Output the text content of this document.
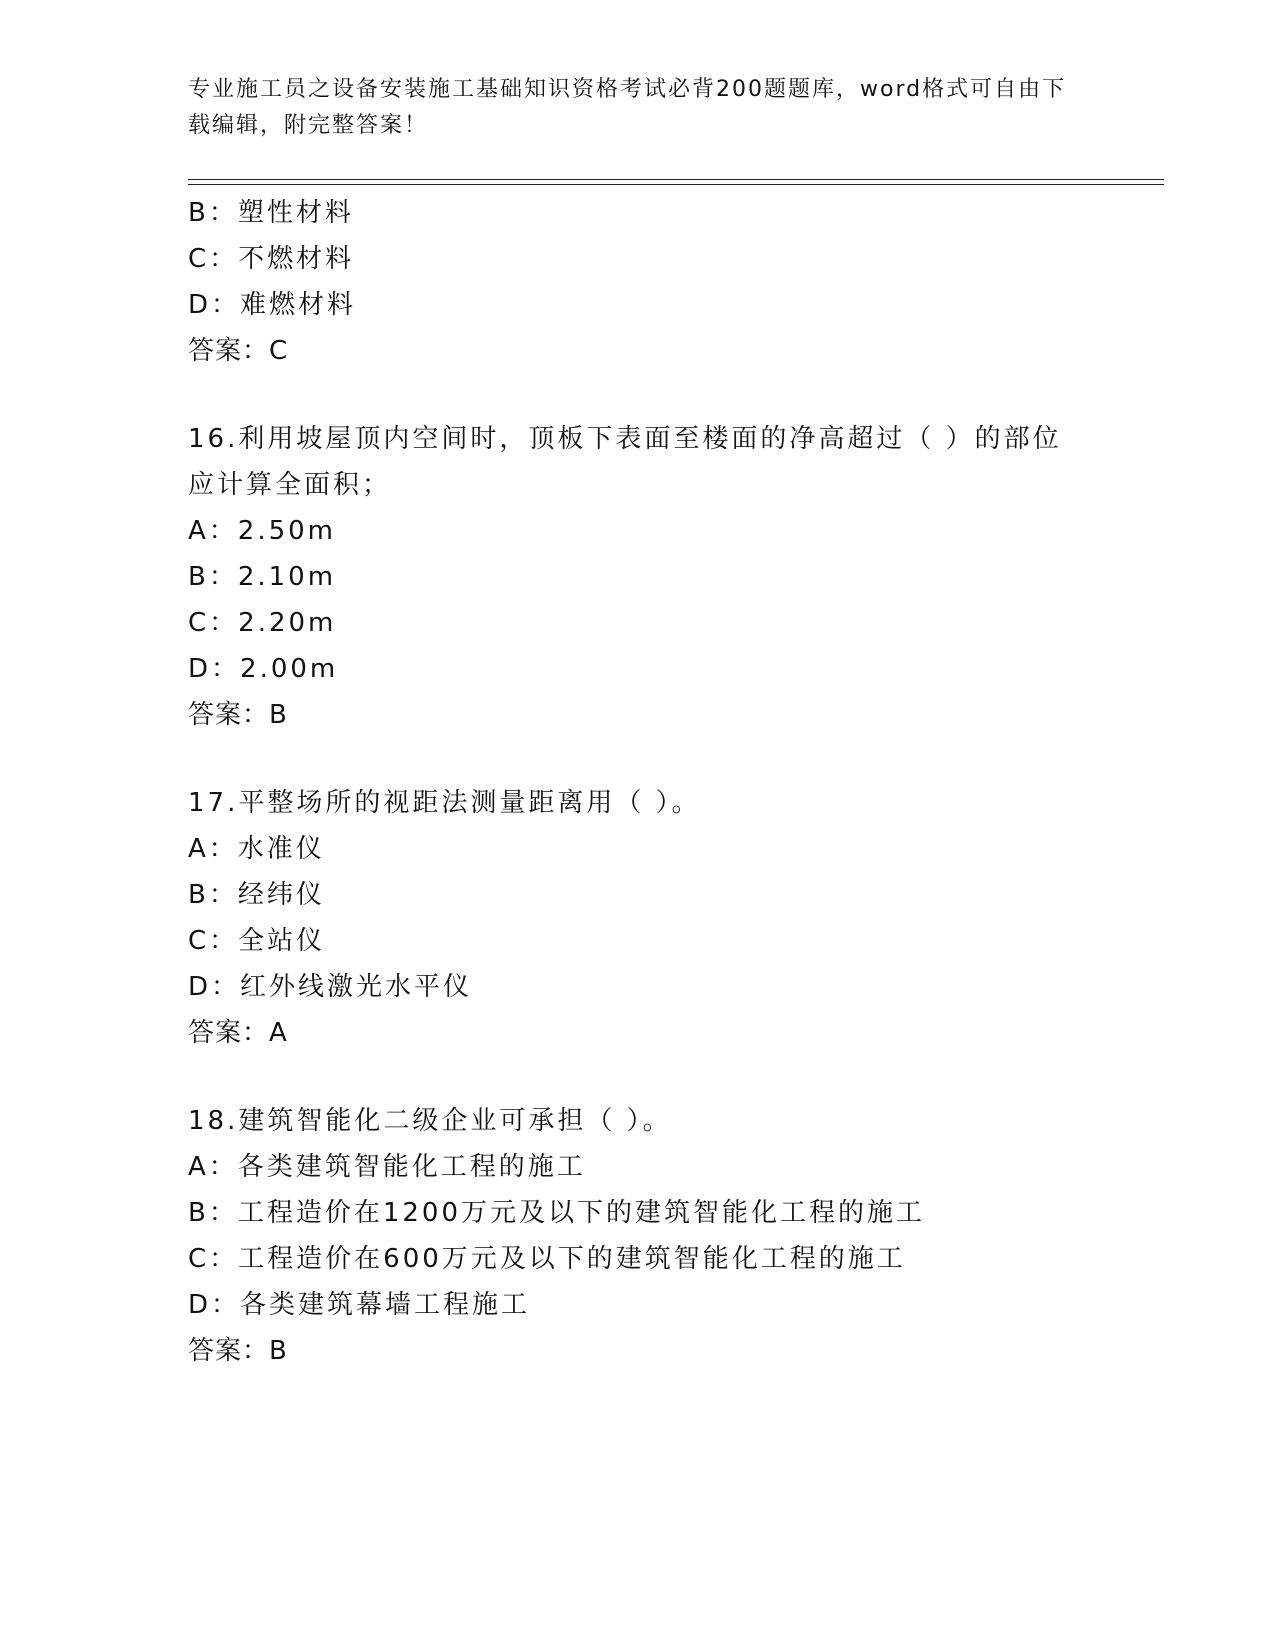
专业施工员之设备安装施工基础知识资格考试必背200题题库，word格式可自由下载编辑，附完整答案！

B：塑性材料

C：不燃材料

D：难燃材料

答案：C

16.利用坡屋顶内空间时，顶板下表面至楼面的净高超过（ ）的部位应计算全面积；

A：2.50m

B：2.10m

C：2.20m

D：2.00m

答案：B

17.平整场所的视距法测量距离用（ ）。

A：水准仪

B：经纬仪

C：全站仪

D：红外线激光水平仪

答案：A

18.建筑智能化二级企业可承担（ ）。

A：各类建筑智能化工程的施工

B：工程造价在1200万元及以下的建筑智能化工程的施工

C：工程造价在600万元及以下的建筑智能化工程的施工

D：各类建筑幕墙工程施工

答案：B
